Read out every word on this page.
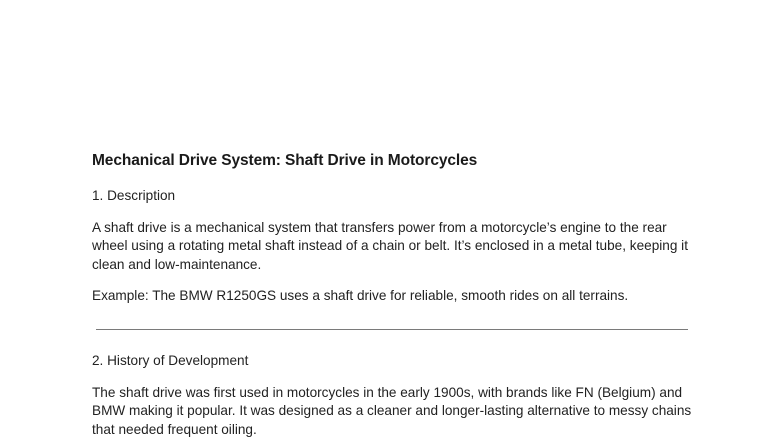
Mechanical Drive System: Shaft Drive in Motorcycles
1. Description
A shaft drive is a mechanical system that transfers power from a motorcycle’s engine to the rear wheel using a rotating metal shaft instead of a chain or belt. It’s enclosed in a metal tube, keeping it clean and low-maintenance.
Example: The BMW R1250GS uses a shaft drive for reliable, smooth rides on all terrains.
2. History of Development
The shaft drive was first used in motorcycles in the early 1900s, with brands like FN (Belgium) and BMW making it popular. It was designed as a cleaner and longer-lasting alternative to messy chains that needed frequent oiling.
